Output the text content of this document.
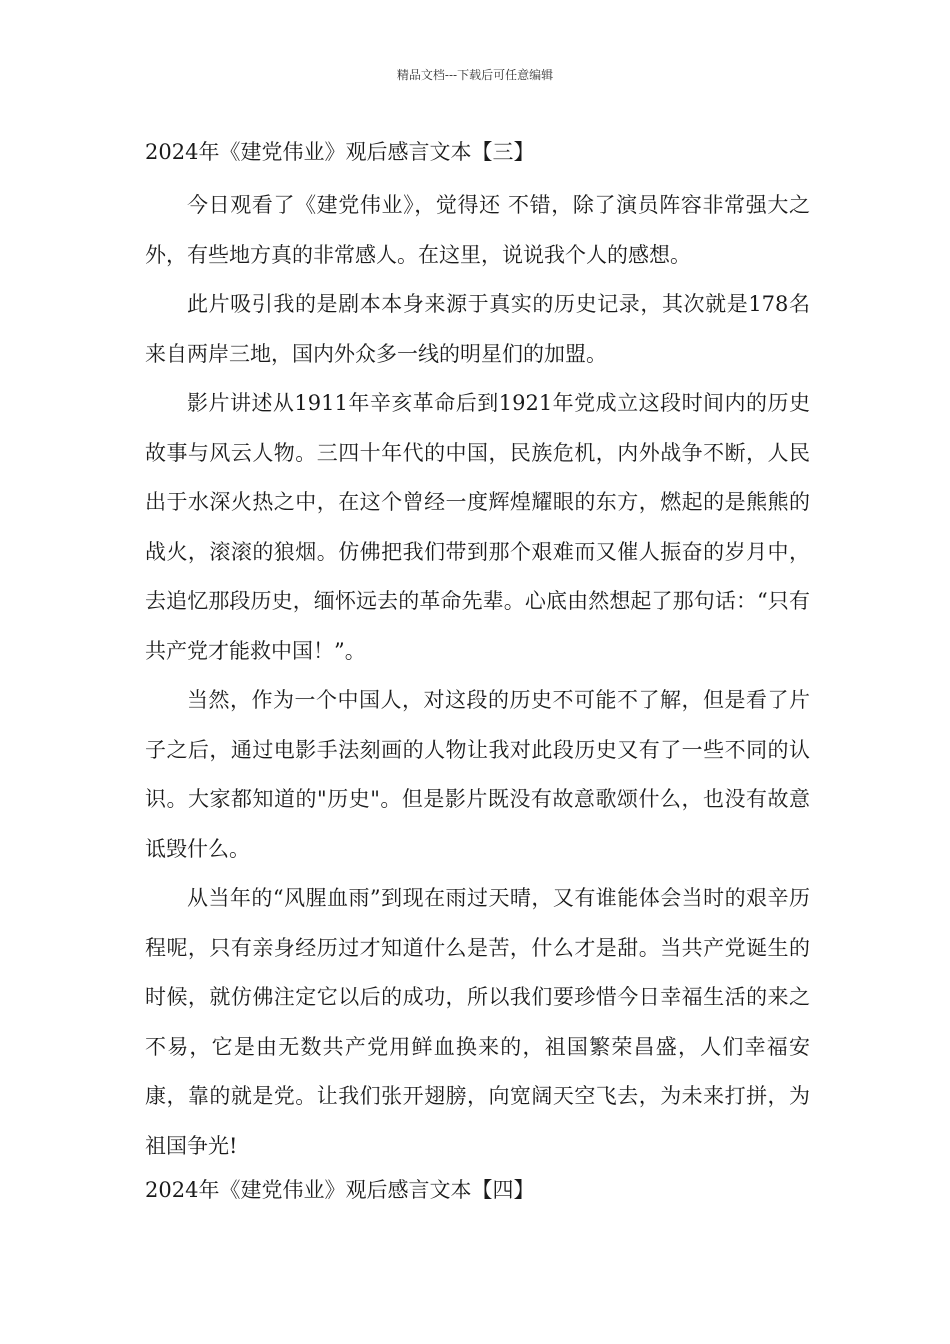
精品文档---下载后可任意编辑
2024年《建党伟业》观后感言文本【三】

今日观看了《建党伟业》，觉得还 不错，除了演员阵容非常强大之外，有些地方真的非常感人。在这里，说说我个人的感想。

此片吸引我的是剧本本身来源于真实的历史记录，其次就是178名来自两岸三地，国内外众多一线的明星们的加盟。

影片讲述从1911年辛亥革命后到1921年党成立这段时间内的历史故事与风云人物。三四十年代的中国，民族危机，内外战争不断，人民出于水深火热之中，在这个曾经一度辉煌耀眼的东方，燃起的是熊熊的战火，滚滚的狼烟。仿佛把我们带到那个艰难而又催人振奋的岁月中，去追忆那段历史，缅怀远去的革命先辈。心底由然想起了那句话：“只有共产党才能救中国！”。

当然，作为一个中国人，对这段的历史不可能不了解，但是看了片子之后，通过电影手法刻画的人物让我对此段历史又有了一些不同的认识。大家都知道的"历史"。但是影片既没有故意歌颂什么，也没有故意诋毁什么。

从当年的“风腥血雨”到现在雨过天晴，又有谁能体会当时的艰辛历程呢，只有亲身经历过才知道什么是苦，什么才是甜。当共产党诞生的时候，就仿佛注定它以后的成功，所以我们要珍惜今日幸福生活的来之不易，它是由无数共产党用鲜血换来的，祖国繁荣昌盛，人们幸福安康，靠的就是党。让我们张开翅膀，向宽阔天空飞去，为未来打拼，为祖国争光!

2024年《建党伟业》观后感言文本【四】
